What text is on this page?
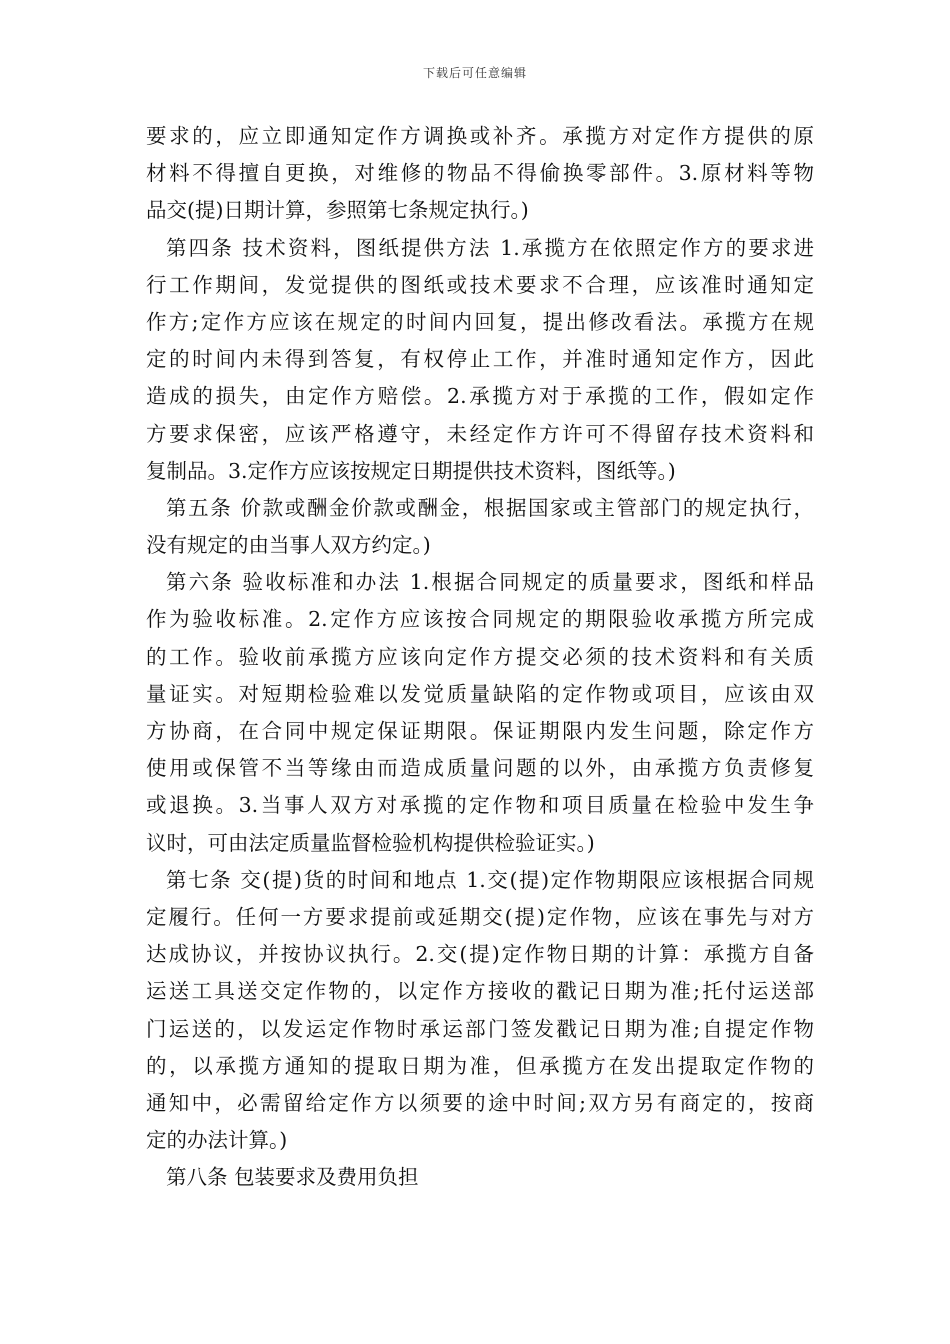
下载后可任意编辑
要求的，应立即通知定作方调换或补齐。承揽方对定作方提供的原
材料不得擅自更换，对维修的物品不得偷换零部件。3.原材料等物
品交(提)日期计算，参照第七条规定执行。)
第四条 技术资料，图纸提供方法 1.承揽方在依照定作方的要求进
行工作期间，发觉提供的图纸或技术要求不合理，应该准时通知定
作方;定作方应该在规定的时间内回复，提出修改看法。承揽方在规
定的时间内未得到答复，有权停止工作，并准时通知定作方，因此
造成的损失，由定作方赔偿。2.承揽方对于承揽的工作，假如定作
方要求保密，应该严格遵守，未经定作方许可不得留存技术资料和
复制品。3.定作方应该按规定日期提供技术资料，图纸等。)
第五条 价款或酬金价款或酬金，根据国家或主管部门的规定执行，
没有规定的由当事人双方约定。)
第六条 验收标准和办法 1.根据合同规定的质量要求，图纸和样品
作为验收标准。2.定作方应该按合同规定的期限验收承揽方所完成
的工作。验收前承揽方应该向定作方提交必须的技术资料和有关质
量证实。对短期检验难以发觉质量缺陷的定作物或项目，应该由双
方协商，在合同中规定保证期限。保证期限内发生问题，除定作方
使用或保管不当等缘由而造成质量问题的以外，由承揽方负责修复
或退换。3.当事人双方对承揽的定作物和项目质量在检验中发生争
议时，可由法定质量监督检验机构提供检验证实。)
第七条 交(提)货的时间和地点 1.交(提)定作物期限应该根据合同规
定履行。任何一方要求提前或延期交(提)定作物，应该在事先与对方
达成协议，并按协议执行。2.交(提)定作物日期的计算：承揽方自备
运送工具送交定作物的，以定作方接收的戳记日期为准;托付运送部
门运送的，以发运定作物时承运部门签发戳记日期为准;自提定作物
的，以承揽方通知的提取日期为准，但承揽方在发出提取定作物的
通知中，必需留给定作方以须要的途中时间;双方另有商定的，按商
定的办法计算。)
第八条 包装要求及费用负担
